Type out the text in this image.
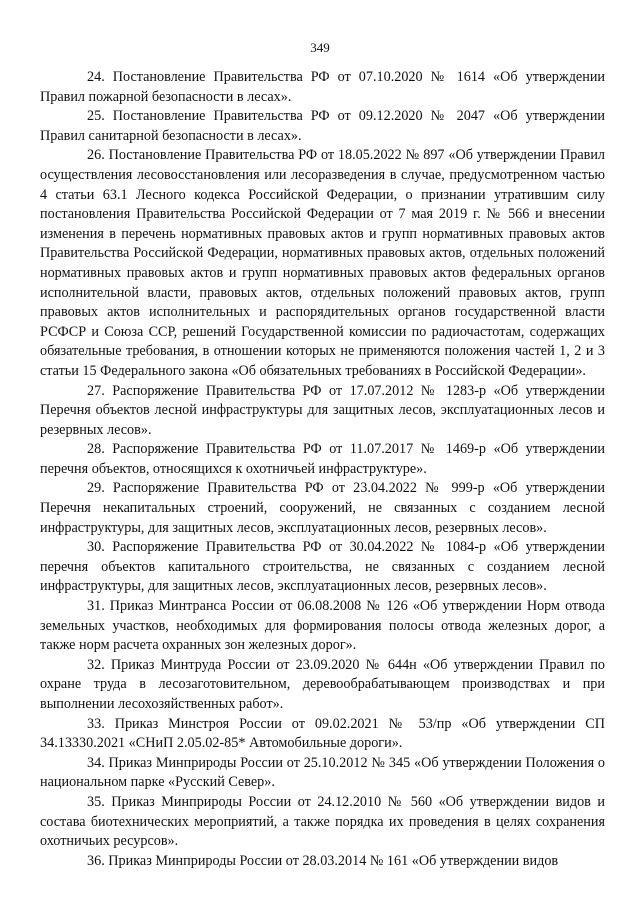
349

24. Постановление Правительства РФ от 07.10.2020 № 1614 «Об утверждении Правил пожарной безопасности в лесах».

25. Постановление Правительства РФ от 09.12.2020 № 2047 «Об утверждении Правил санитарной безопасности в лесах».

26. Постановление Правительства РФ от 18.05.2022 № 897 «Об утверждении Правил осуществления лесовосстановления или лесоразведения в случае, предусмотренном частью 4 статьи 63.1 Лесного кодекса Российской Федерации, о признании утратившим силу постановления Правительства Российской Федерации от 7 мая 2019 г. № 566 и внесении изменения в перечень нормативных правовых актов и групп нормативных правовых актов Правительства Российской Федерации, нормативных правовых актов, отдельных положений нормативных правовых актов и групп нормативных правовых актов федеральных органов исполнительной власти, правовых актов, отдельных положений правовых актов, групп правовых актов исполнительных и распорядительных органов государственной власти РСФСР и Союза ССР, решений Государственной комиссии по радиочастотам, содержащих обязательные требования, в отношении которых не применяются положения частей 1, 2 и 3 статьи 15 Федерального закона «Об обязательных требованиях в Российской Федерации».

27. Распоряжение Правительства РФ от 17.07.2012 № 1283-р «Об утверждении Перечня объектов лесной инфраструктуры для защитных лесов, эксплуатационных лесов и резервных лесов».

28. Распоряжение Правительства РФ от 11.07.2017 № 1469-р «Об утверждении перечня объектов, относящихся к охотничьей инфраструктуре».

29. Распоряжение Правительства РФ от 23.04.2022 № 999-р «Об утверждении Перечня некапитальных строений, сооружений, не связанных с созданием лесной инфраструктуры, для защитных лесов, эксплуатационных лесов, резервных лесов».

30. Распоряжение Правительства РФ от 30.04.2022 № 1084-р «Об утверждении перечня объектов капитального строительства, не связанных с созданием лесной инфраструктуры, для защитных лесов, эксплуатационных лесов, резервных лесов».

31. Приказ Минтранса России от 06.08.2008 № 126 «Об утверждении Норм отвода земельных участков, необходимых для формирования полосы отвода железных дорог, а также норм расчета охранных зон железных дорог».

32. Приказ Минтруда России от 23.09.2020 № 644н «Об утверждении Правил по охране труда в лесозаготовительном, деревообрабатывающем производствах и при выполнении лесохозяйственных работ».

33. Приказ Минстроя России от 09.02.2021 № 53/пр «Об утверждении СП 34.13330.2021 «СНиП 2.05.02-85* Автомобильные дороги».

34. Приказ Минприроды России от 25.10.2012 № 345 «Об утверждении Положения о национальном парке «Русский Север».

35. Приказ Минприроды России от 24.12.2010 № 560 «Об утверждении видов и состава биотехнических мероприятий, а также порядка их проведения в целях сохранения охотничьих ресурсов».

36. Приказ Минприроды России от 28.03.2014 № 161 «Об утверждении видов
